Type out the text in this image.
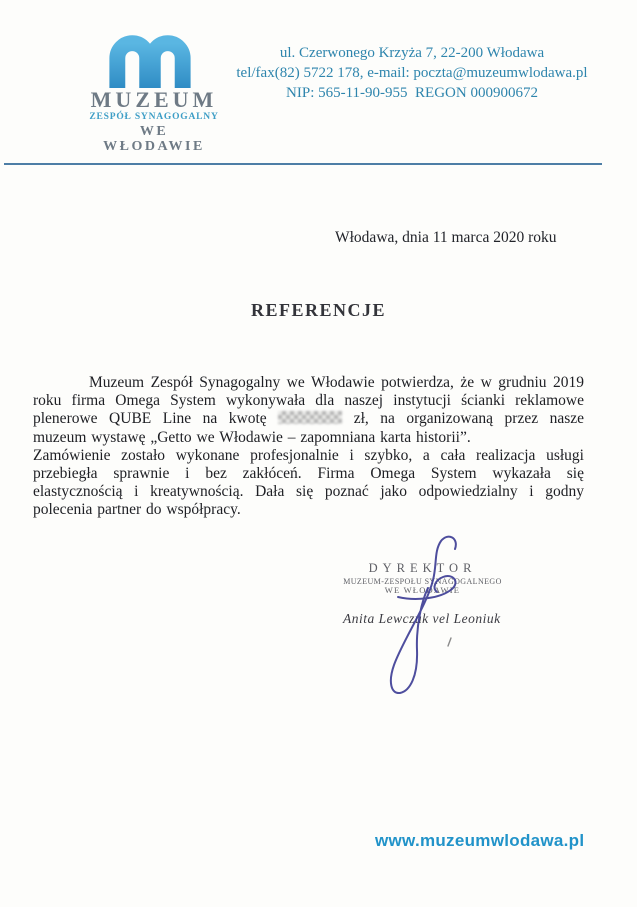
MUZEUM
ZESPÓŁ SYNAGOGALNY
WE WŁODAWIE
ul. Czerwonego Krzyża 7, 22-200 Włodawa
tel/fax(82) 5722 178, e-mail: poczta@muzeumwlodawa.pl
NIP: 565-11-90-955  REGON 000900672
Włodawa, dnia 11 marca 2020 roku
REFERENCJE
Muzeum Zespół Synagogalny we Włodawie potwierdza, że w grudniu 2019
roku firma Omega System wykonywała dla naszej instytucji ścianki reklamowe
plenerowe QUBE Line na kwotę	zł, na organizowaną przez nasze
muzeum wystawę „Getto we Włodawie – zapomniana karta historii”.
Zamówienie zostało wykonane profesjonalnie i szybko, a cała realizacja usługi
przebiegła sprawnie i bez zakłóceń. Firma Omega System wykazała się
elastycznością i kreatywnością. Dała się poznać jako odpowiedzialny i godny
polecenia partner do współpracy.
DYREKTOR
MUZEUM-ZESPOŁU SYNAGOGALNEGO
WE WŁODAWIE
Anita Lewczuk vel Leoniuk
www.muzeumwlodawa.pl
